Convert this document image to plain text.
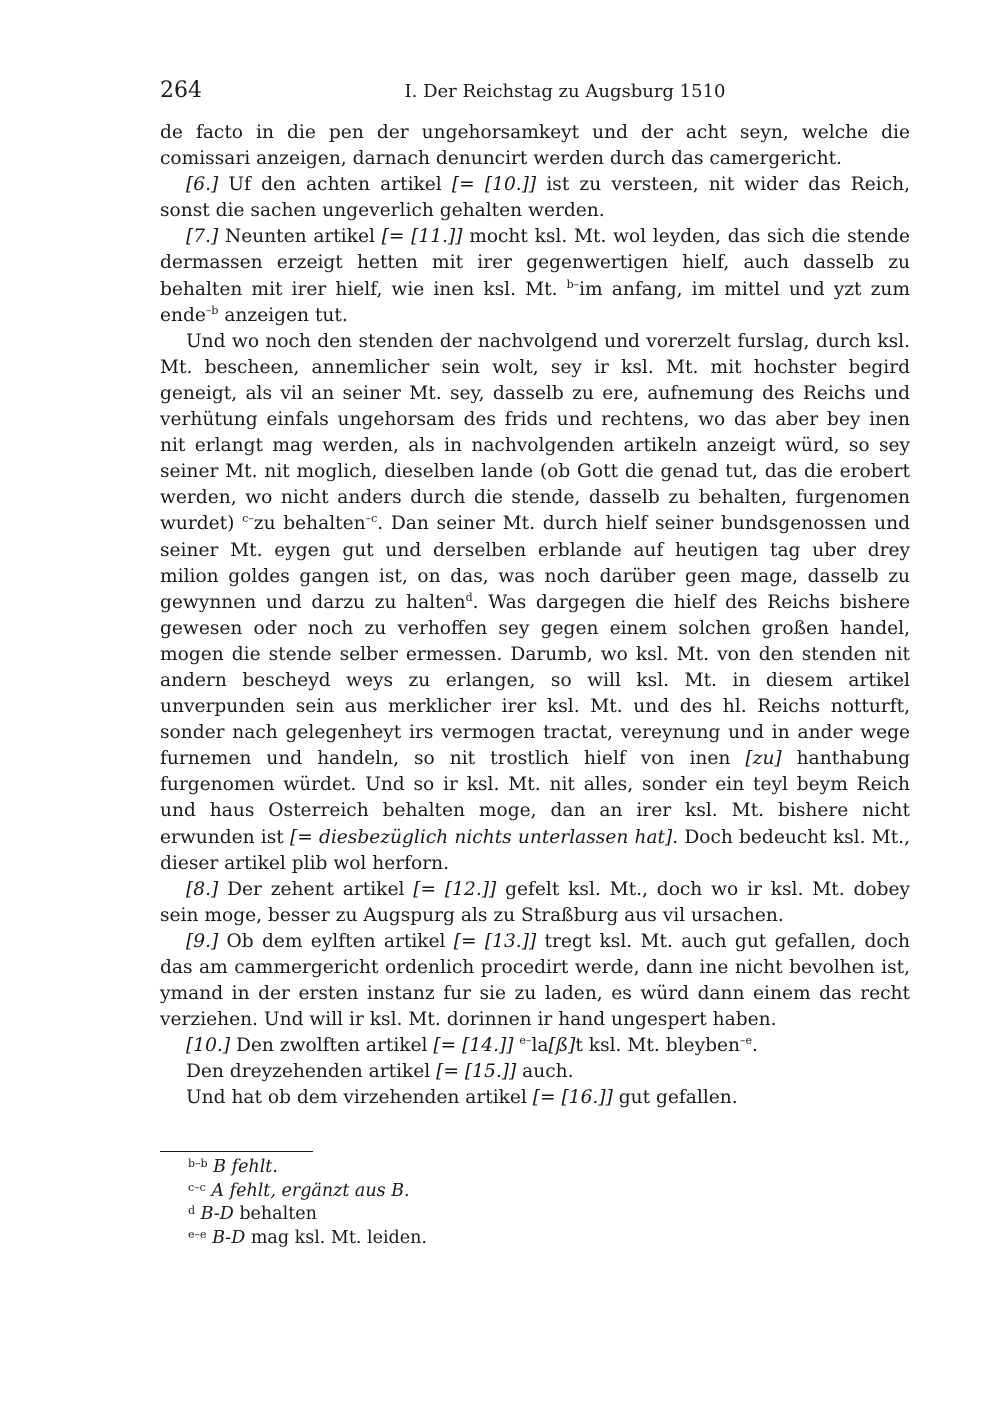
264	I. Der Reichstag zu Augsburg 1510

de facto in die pen der ungehorsamkeyt und der acht seyn, welche die comissari anzeigen, darnach denuncirt werden durch das camergericht.

[6.] Uf den achten artikel [= [10.]] ist zu versteen, nit wider das Reich, sonst die sachen ungeverlich gehalten werden.

[7.] Neunten artikel [= [11.]] mocht ksl. Mt. wol leyden, das sich die stende dermassen erzeigt hetten mit irer gegenwertigen hielf, auch dasselb zu behalten mit irer hielf, wie inen ksl. Mt. $^{b-}$im anfang, im mittel und yzt zum ende$^{-b}$ anzeigen tut.

Und wo noch den stenden der nachvolgend und vorerzelt furslag, durch ksl. Mt. bescheen, annemlicher sein wolt, sey ir ksl. Mt. mit hochster begird geneigt, als vil an seiner Mt. sey, dasselb zu ere, aufnemung des Reichs und verhütung einfals ungehorsam des frids und rechtens, wo das aber bey inen nit erlangt mag werden, als in nachvolgenden artikeln anzeigt würd, so sey seiner Mt. nit moglich, dieselben lande (ob Gott die genad tut, das die erobert werden, wo nicht anders durch die stende, dasselb zu behalten, furgenomen wurdet) $^{c-}$zu behalten$^{-c}$. Dan seiner Mt. durch hielf seiner bundsgenossen und seiner Mt. eygen gut und derselben erblande auf heutigen tag uber drey milion goldes gangen ist, on das, was noch darüber geen mage, dasselb zu gewynnen und darzu zu halten$^d$. Was dargegen die hielf des Reichs bishere gewesen oder noch zu verhoffen sey gegen einem solchen großen handel, mogen die stende selber ermessen. Darumb, wo ksl. Mt. von den stenden nit andern bescheyd weys zu erlangen, so will ksl. Mt. in diesem artikel unverpunden sein aus merklicher irer ksl. Mt. und des hl. Reichs notturft, sonder nach gelegenheyt irs vermogen tractat, vereynung und in ander wege furnemen und handeln, so nit trostlich hielf von inen [zu] hanthabung furgenomen würdet. Und so ir ksl. Mt. nit alles, sonder ein teyl beym Reich und haus Osterreich behalten moge, dan an irer ksl. Mt. bishere nicht erwunden ist [= diesbezüglich nichts unterlassen hat]. Doch bedeucht ksl. Mt., dieser artikel plib wol herforn.

[8.] Der zehent artikel [= [12.]] gefelt ksl. Mt., doch wo ir ksl. Mt. dobey sein moge, besser zu Augspurg als zu Straßburg aus vil ursachen.

[9.] Ob dem eylften artikel [= [13.]] tregt ksl. Mt. auch gut gefallen, doch das am cammergericht ordenlich procedirt werde, dann ine nicht bevolhen ist, ymand in der ersten instanz fur sie zu laden, es würd dann einem das recht verziehen. Und will ir ksl. Mt. dorinnen ir hand ungespert haben.

[10.] Den zwolften artikel [= [14.]] $^{e-}$la[ß]t ksl. Mt. bleyben$^{-e}$.

Den dreyzehenden artikel [= [15.]] auch.

Und hat ob dem virzehenden artikel [= [16.]] gut gefallen.

$^{b-b}$ B fehlt.
$^{c-c}$ A fehlt, ergänzt aus B.
$^d$ B-D behalten
$^{e-e}$ B-D mag ksl. Mt. leiden.
